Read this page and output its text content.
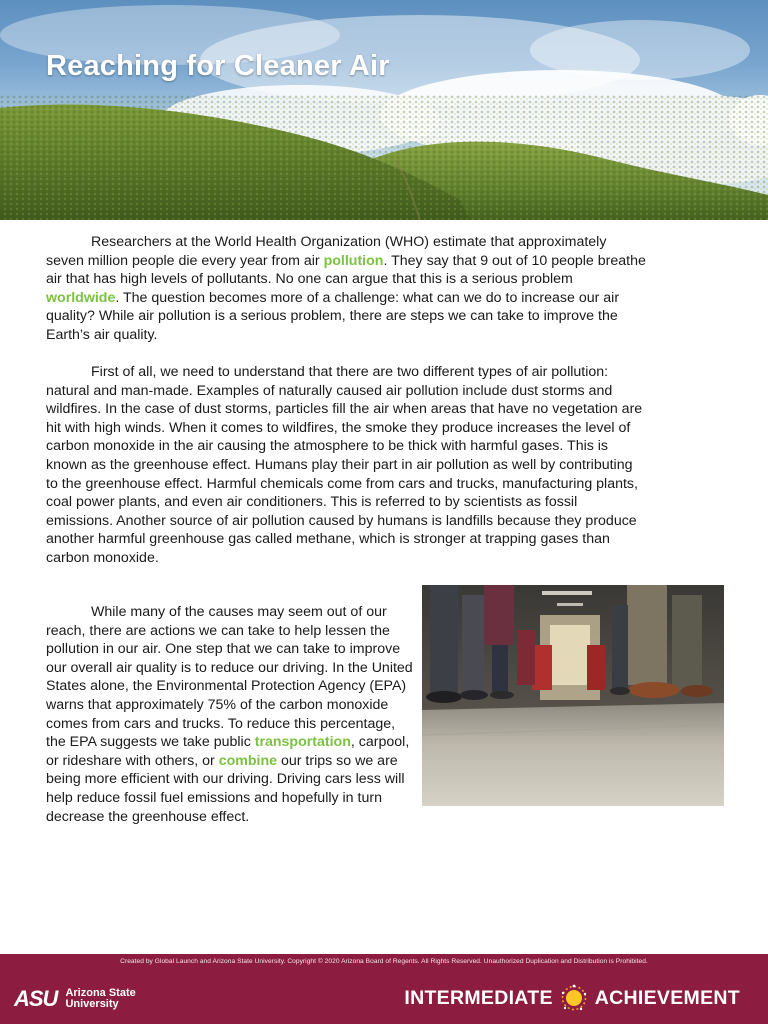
Reaching for Cleaner Air

Researchers at the World Health Organization (WHO) estimate that approximately seven million people die every year from air pollution. They say that 9 out of 10 people breathe air that has high levels of pollutants. No one can argue that this is a serious problem worldwide. The question becomes more of a challenge: what can we do to increase our air quality? While air pollution is a serious problem, there are steps we can take to improve the Earth’s air quality.

First of all, we need to understand that there are two different types of air pollution: natural and man-made. Examples of naturally caused air pollution include dust storms and wildfires. In the case of dust storms, particles fill the air when areas that have no vegetation are hit with high winds. When it comes to wildfires, the smoke they produce increases the level of carbon monoxide in the air causing the atmosphere to be thick with harmful gases. This is known as the greenhouse effect. Humans play their part in air pollution as well by contributing to the greenhouse effect. Harmful chemicals come from cars and trucks, manufacturing plants, coal power plants, and even air conditioners. This is referred to by scientists as fossil emissions. Another source of air pollution caused by humans is landfills because they produce another harmful greenhouse gas called methane, which is stronger at trapping gases than carbon monoxide.

While many of the causes may seem out of our reach, there are actions we can take to help lessen the pollution in our air. One step that we can take to improve our overall air quality is to reduce our driving. In the United States alone, the Environmental Protection Agency (EPA) warns that approximately 75% of the carbon monoxide comes from cars and trucks. To reduce this percentage, the EPA suggests we take public transportation, carpool, or rideshare with others, or combine our trips so we are being more efficient with our driving. Driving cars less will help reduce fossil fuel emissions and hopefully in turn decrease the greenhouse effect.

Created by Global Launch and Arizona State University. Copyright © 2020 Arizona Board of Regents. All Rights Reserved. Unauthorized Duplication and Distribution is Prohibited.
ASU Arizona State
University	INTERMEDIATE ACHIEVEMENT
